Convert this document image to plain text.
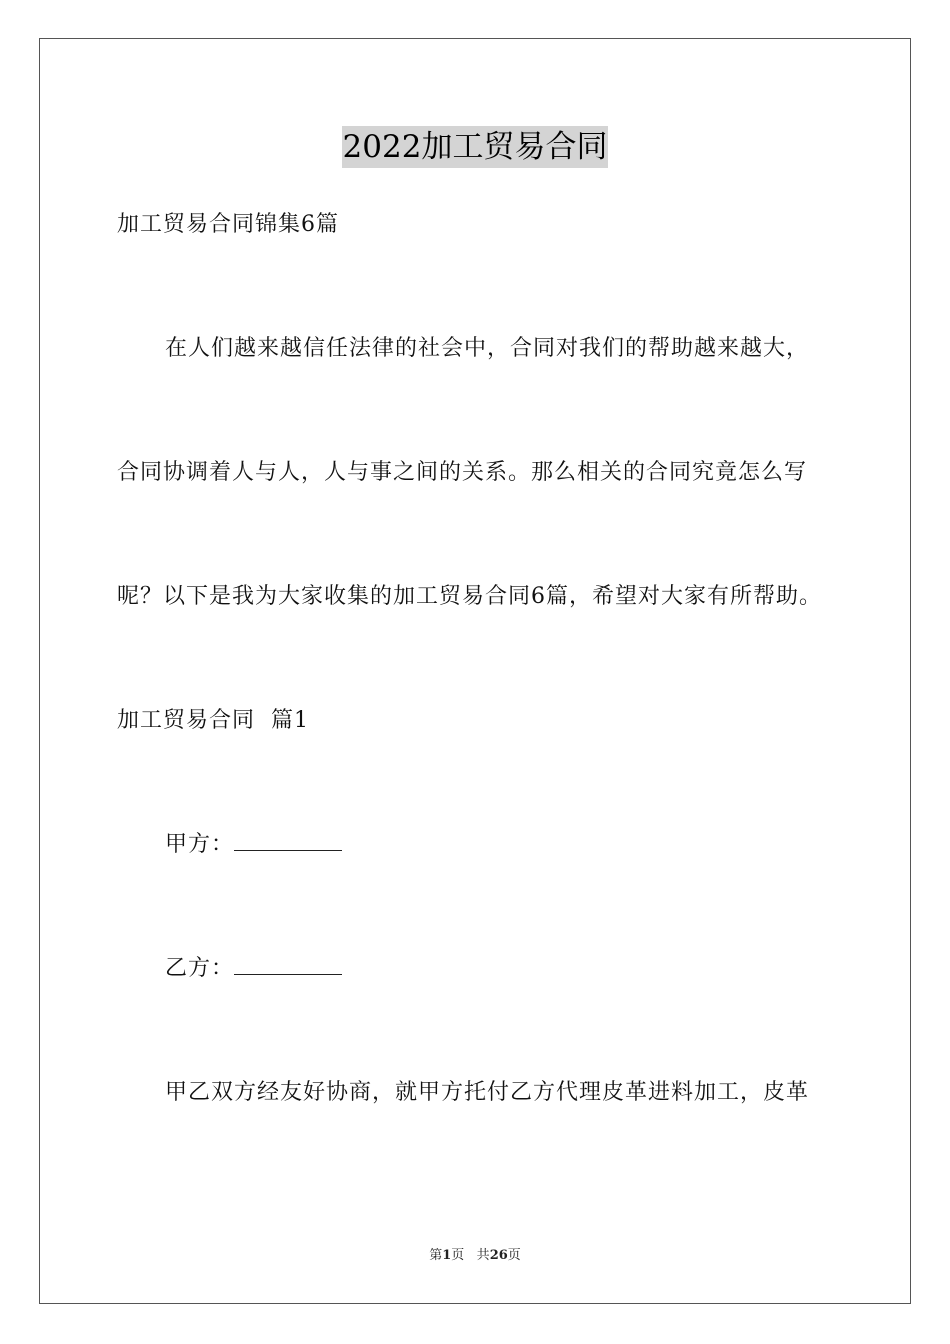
2022加工贸易合同
加工贸易合同锦集6篇
在人们越来越信任法律的社会中，合同对我们的帮助越来越大，
合同协调着人与人，人与事之间的关系。那么相关的合同究竟怎么写
呢？以下是我为大家收集的加工贸易合同6篇，希望对大家有所帮助。
加工贸易合同  篇1
甲方：
乙方：
甲乙双方经友好协商，就甲方托付乙方代理皮革进料加工，皮革
第1页 共26页
